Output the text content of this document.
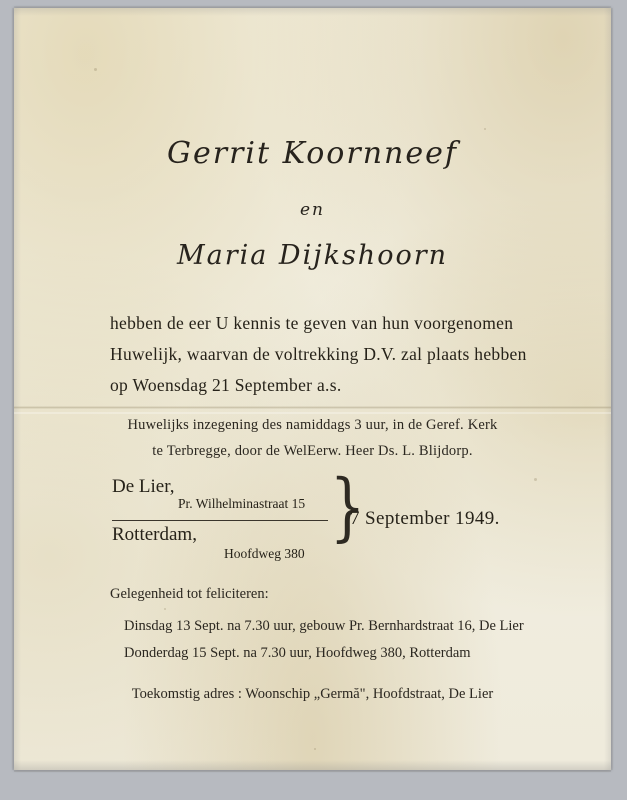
Gerrit Koornneef
en
Maria Dijkshoorn
hebben de eer U kennis te geven van hun voorgenomen
Huwelijk, waarvan de voltrekking D.V. zal plaats hebben
op Woensdag 21 September a.s.
Huwelijks inzegening des namiddags 3 uur, in de Geref. Kerk
te Terbregge, door de WelEerw. Heer Ds. L. Blijdorp.
De Lier,
Pr. Wilhelminastraat 15
Rotterdam,
Hoofdweg 380
}
7 September 1949.
Gelegenheid tot feliciteren:
Dinsdag 13 Sept. na 7.30 uur, gebouw Pr. Bernhardstraat 16, De Lier
Donderdag 15 Sept. na 7.30 uur, Hoofdweg 380, Rotterdam
Toekomstig adres : Woonschip „Germă", Hoofdstraat, De Lier
